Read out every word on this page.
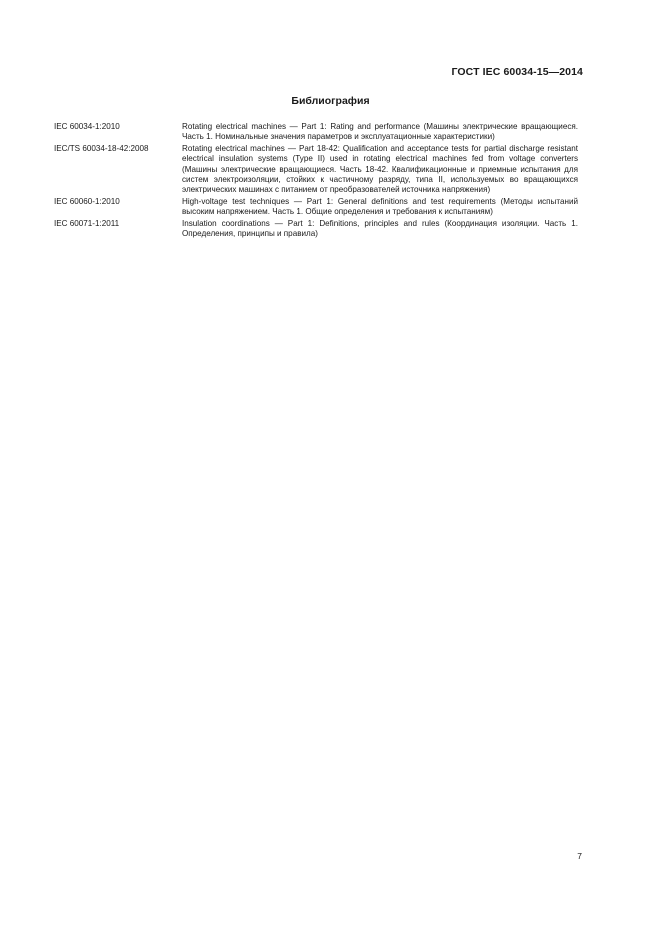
ГОСТ IEC 60034-15—2014
Библиография
IEC 60034-1:2010	Rotating electrical machines — Part 1: Rating and performance (Машины электрические вращающиеся. Часть 1. Номинальные значения параметров и эксплуатационные характеристики)
IEC/TS 60034-18-42:2008	Rotating electrical machines — Part 18-42: Qualification and acceptance tests for partial discharge resistant electrical insulation systems (Type II) used in rotating electrical machines fed from voltage converters (Машины электрические вращающиеся. Часть 18-42. Квалификационные и приемные испытания для систем электроизоляции, стойких к частичному разряду, типа II, используемых во вращающихся электрических машинах с питанием от преобразователей источника напряжения)
IEC 60060-1:2010	High-voltage test techniques — Part 1: General definitions and test requirements (Методы испытаний высоким напряжением. Часть 1. Общие определения и требования к испытаниям)
IEC 60071-1:2011	Insulation coordinations — Part 1: Definitions, principles and rules (Координация изоляции. Часть 1. Определения, принципы и правила)
7
